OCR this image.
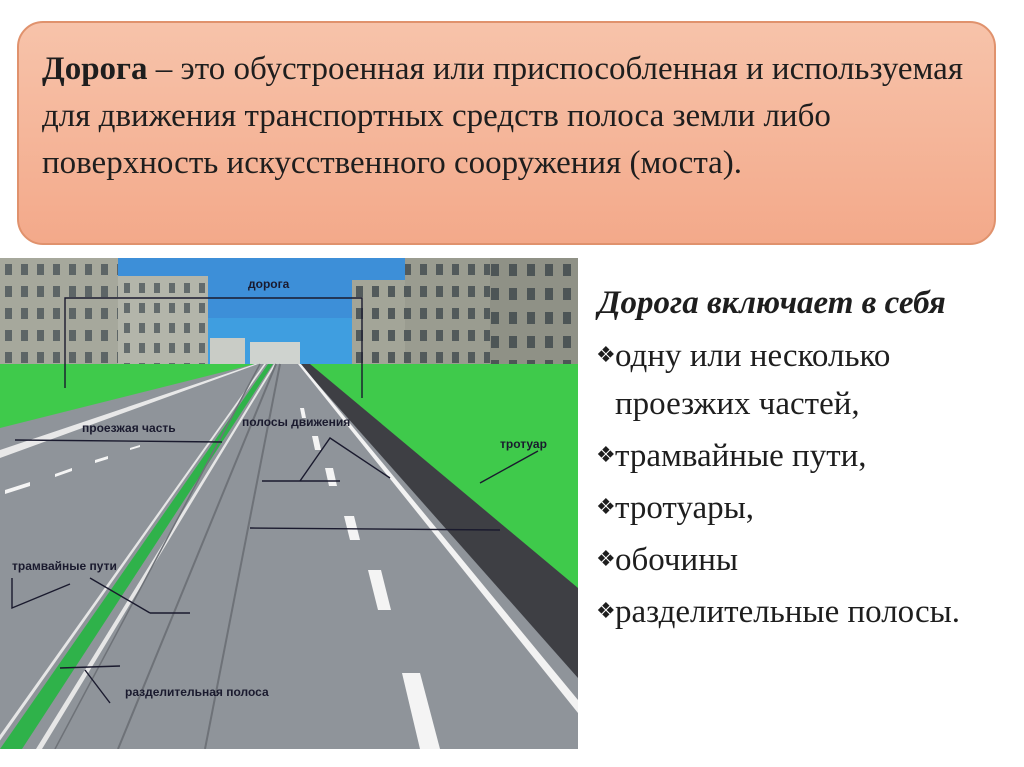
Дорога – это обустроенная или приспособленная и используемая для движения транспортных средств полоса земли либо поверхность искусственного сооружения (моста).
дорога
проезжая часть	полосы движения
тротуар
трамвайные пути
разделительная полоса
Дорога включает в себя
❖ одну или несколько проезжих частей,
❖ трамвайные пути,
❖ тротуары,
❖ обочины
❖ разделительные полосы.
